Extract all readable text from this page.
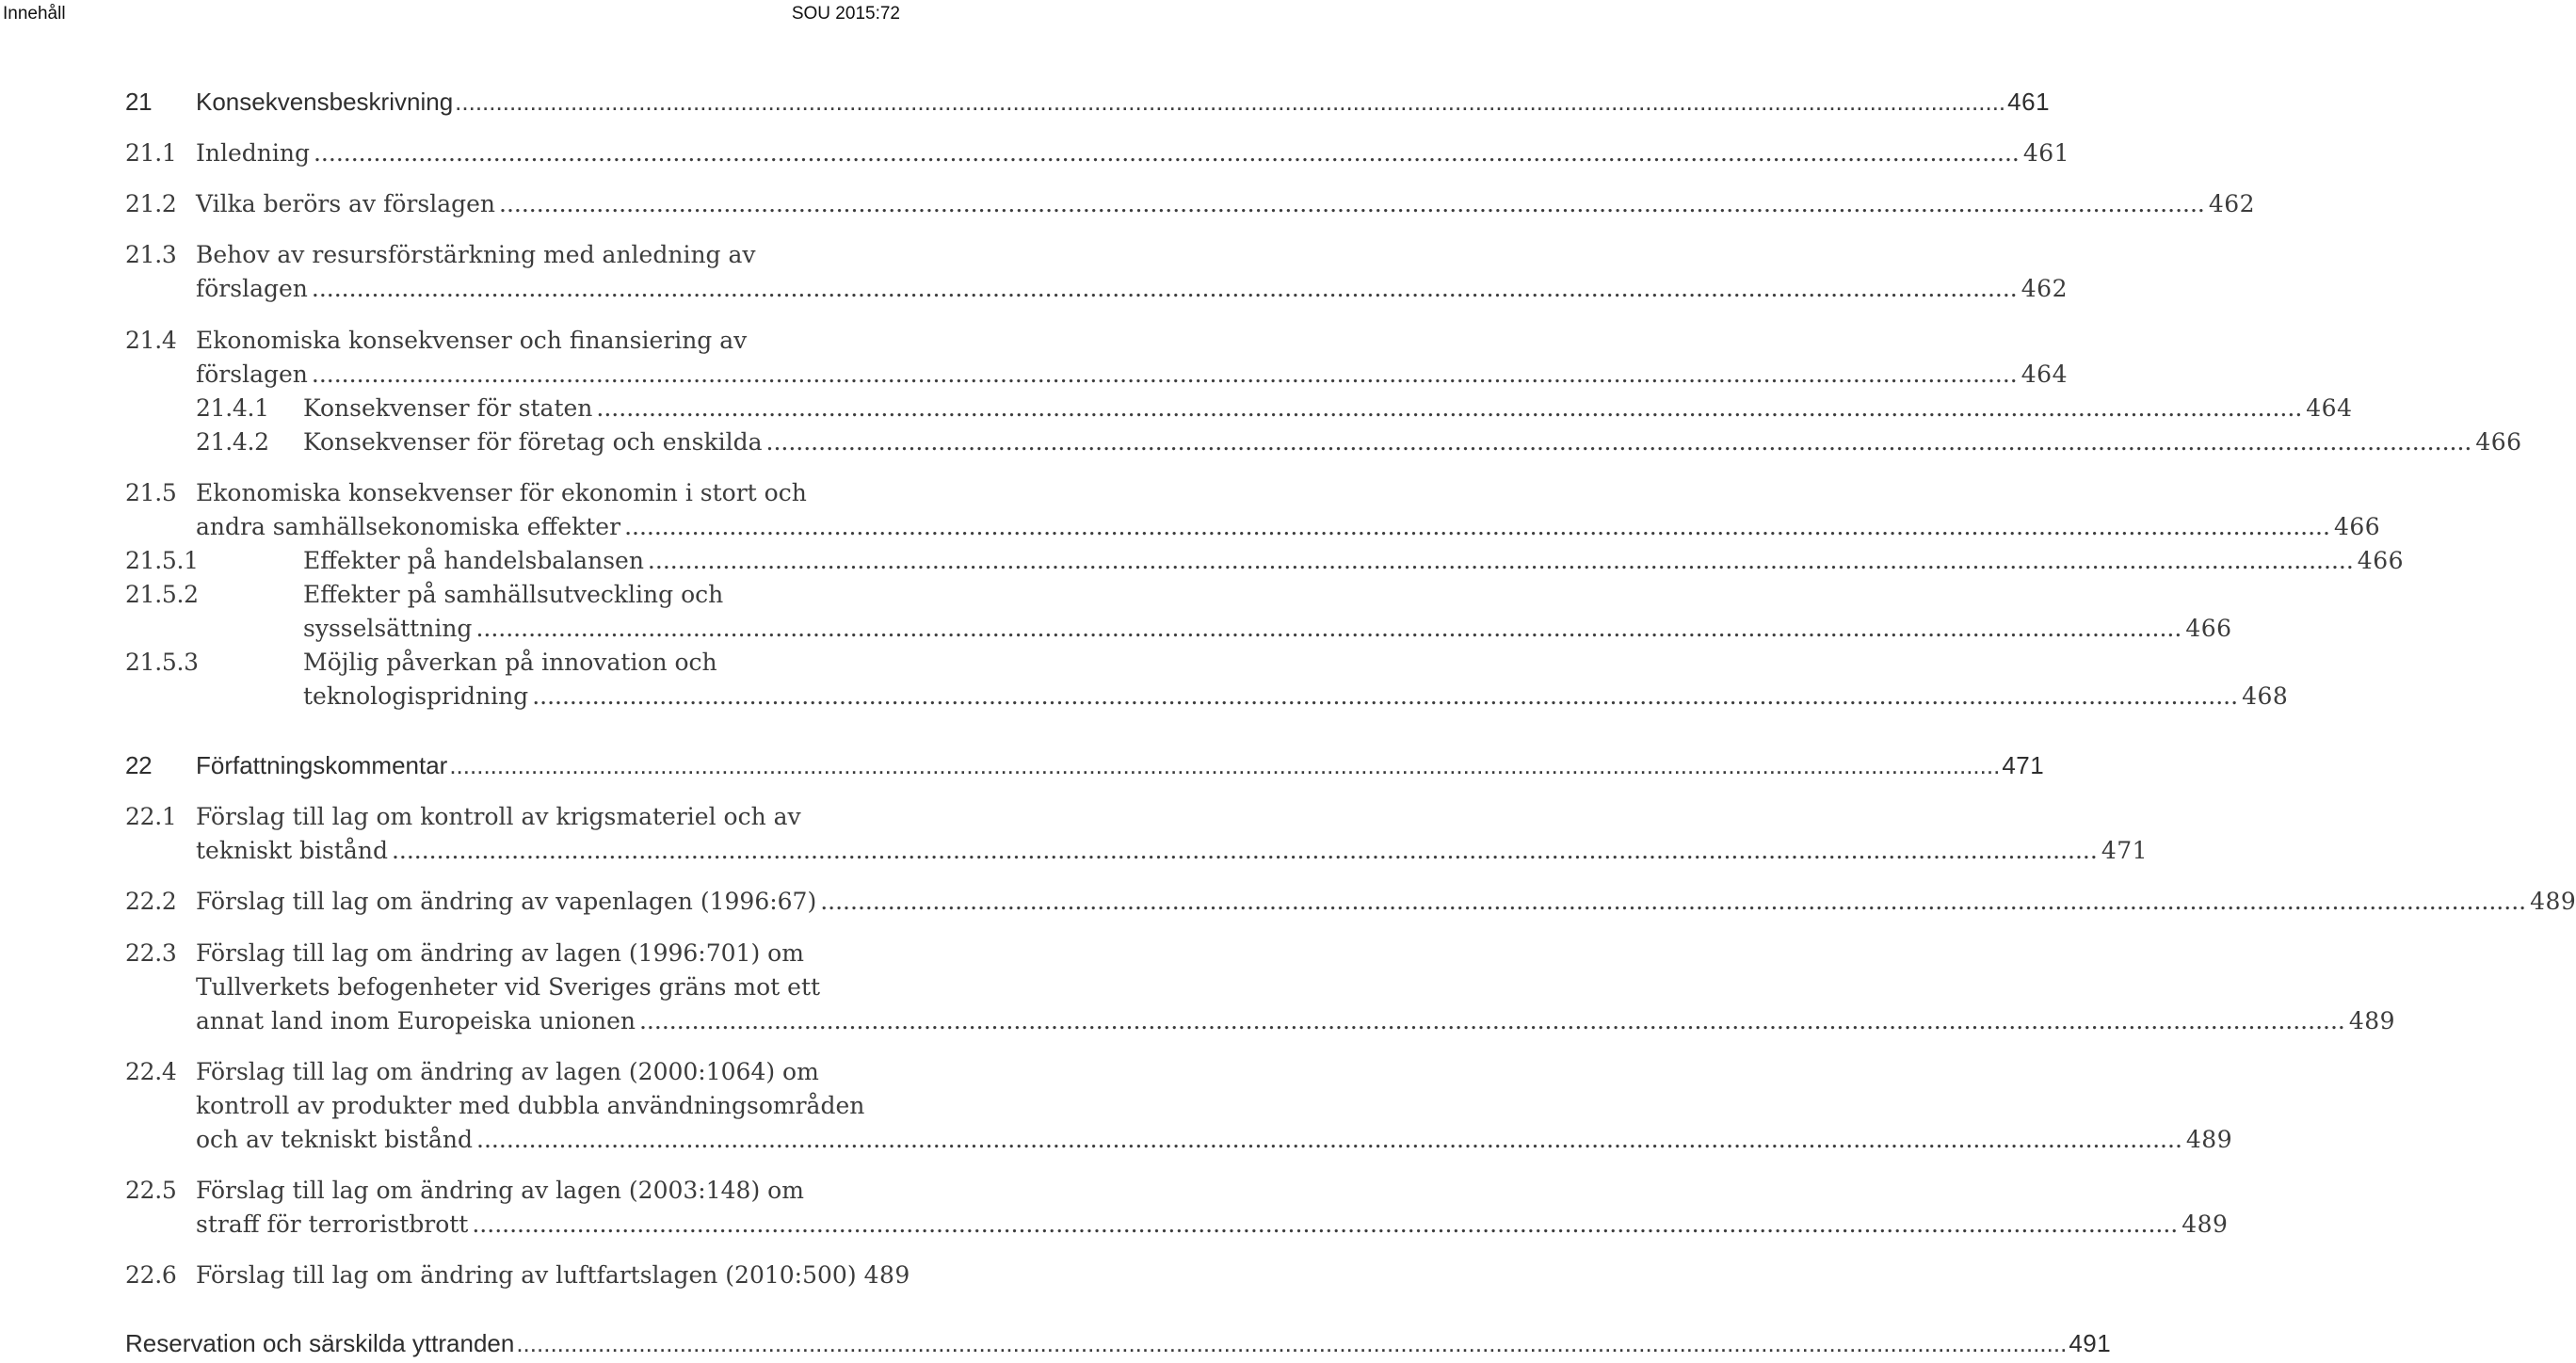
Innehåll	SOU 2015:72
21 Konsekvensbeskrivning .....	461
21.1 Inledning .....	461
21.2 Vilka berörs av förslagen .....	462
21.3 Behov av resursförstärkning med anledning av
förslagen .....	462
21.4 Ekonomiska konsekvenser och finansiering av
förslagen .....	464
21.4.1 Konsekvenser för staten .....	464
21.4.2 Konsekvenser för företag och enskilda .....	466
21.5 Ekonomiska konsekvenser för ekonomin i stort och
andra samhällsekonomiska effekter .....	466
21.5.1	Effekter på handelsbalansen .....	466
21.5.2	Effekter på samhällsutveckling och
sysselsättning .....	466
21.5.3	Möjlig påverkan på innovation och
teknologispridning .....	468
22 Författningskommentar .....	471
22.1 Förslag till lag om kontroll av krigsmateriel och av
tekniskt bistånd .....	471
22.2 Förslag till lag om ändring av vapenlagen (1996:67) .....	489
22.3 Förslag till lag om ändring av lagen (1996:701) om
Tullverkets befogenheter vid Sveriges gräns mot ett
annat land inom Europeiska unionen .....	489
22.4 Förslag till lag om ändring av lagen (2000:1064) om
kontroll av produkter med dubbla användningsområden
och av tekniskt bistånd .....	489
22.5 Förslag till lag om ändring av lagen (2003:148) om
straff för terroristbrott .....	489
22.6 Förslag till lag om ändring av luftfartslagen (2010:500) 489
Reservation och särskilda yttranden .....	491
